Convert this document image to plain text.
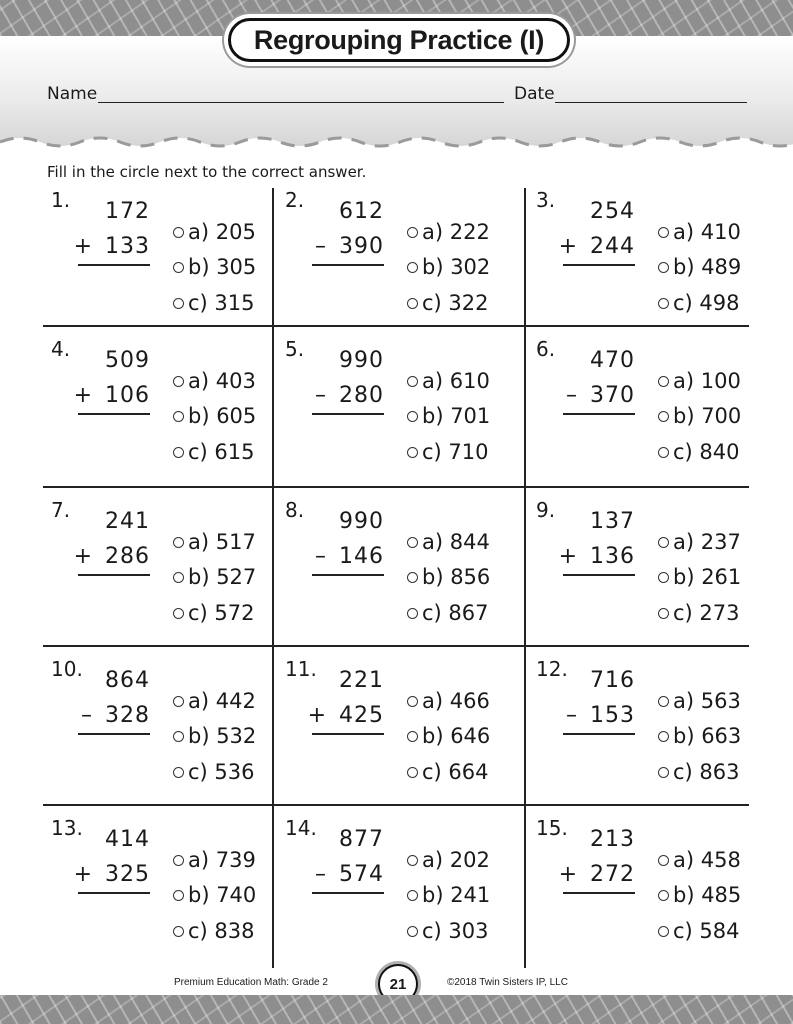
Regrouping Practice (I)
Name	Date
Fill in the circle next to the correct answer.
1. 172
+ 133
a) 205
b) 305
c) 315
2. 612
– 390
a) 222
b) 302
c) 322
3. 254
+ 244
a) 410
b) 489
c) 498
4. 509
+ 106
a) 403
b) 605
c) 615
5. 990
– 280
a) 610
b) 701
c) 710
6. 470
– 370
a) 100
b) 700
c) 840
7. 241
+ 286
a) 517
b) 527
c) 572
8. 990
– 146
a) 844
b) 856
c) 867
9. 137
+ 136
a) 237
b) 261
c) 273
10. 864
– 328
a) 442
b) 532
c) 536
11. 221
+ 425
a) 466
b) 646
c) 664
12. 716
– 153
a) 563
b) 663
c) 863
13. 414
+ 325
a) 739
b) 740
c) 838
14. 877
– 574
a) 202
b) 241
c) 303
15. 213
+ 272
a) 458
b) 485
c) 584
Premium Education Math: Grade 2	21	©2018 Twin Sisters IP, LLC
